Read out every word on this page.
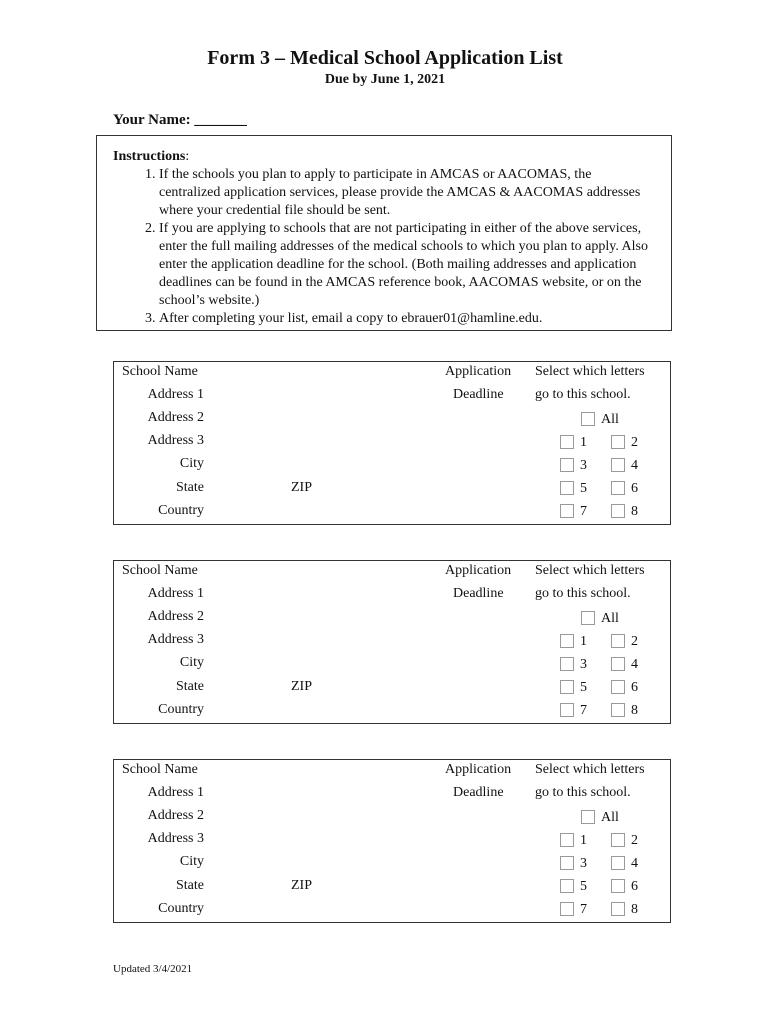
Form 3 – Medical School Application List
Due by June 1, 2021
Your Name: _______
Instructions:
1. If the schools you plan to apply to participate in AMCAS or AACOMAS, the centralized application services, please provide the AMCAS & AACOMAS addresses where your credential file should be sent.
2. If you are applying to schools that are not participating in either of the above services, enter the full mailing addresses of the medical schools to which you plan to apply. Also enter the application deadline for the school. (Both mailing addresses and application deadlines can be found in the AMCAS reference book, AACOMAS website, or on the school’s website.)
3. After completing your list, email a copy to ebrauer01@hamline.edu.
School Name
Address 1
Address 2
Address 3
City
State	ZIP
Country
Application
Deadline
Select which letters
go to this school.
All
1	2
3	4
5	6
7	8
School Name
Address 1
Address 2
Address 3
City
State	ZIP
Country
Application
Deadline
Select which letters
go to this school.
All
1	2
3	4
5	6
7	8
School Name
Address 1
Address 2
Address 3
City
State	ZIP
Country
Application
Deadline
Select which letters
go to this school.
All
1	2
3	4
5	6
7	8
Updated 3/4/2021
